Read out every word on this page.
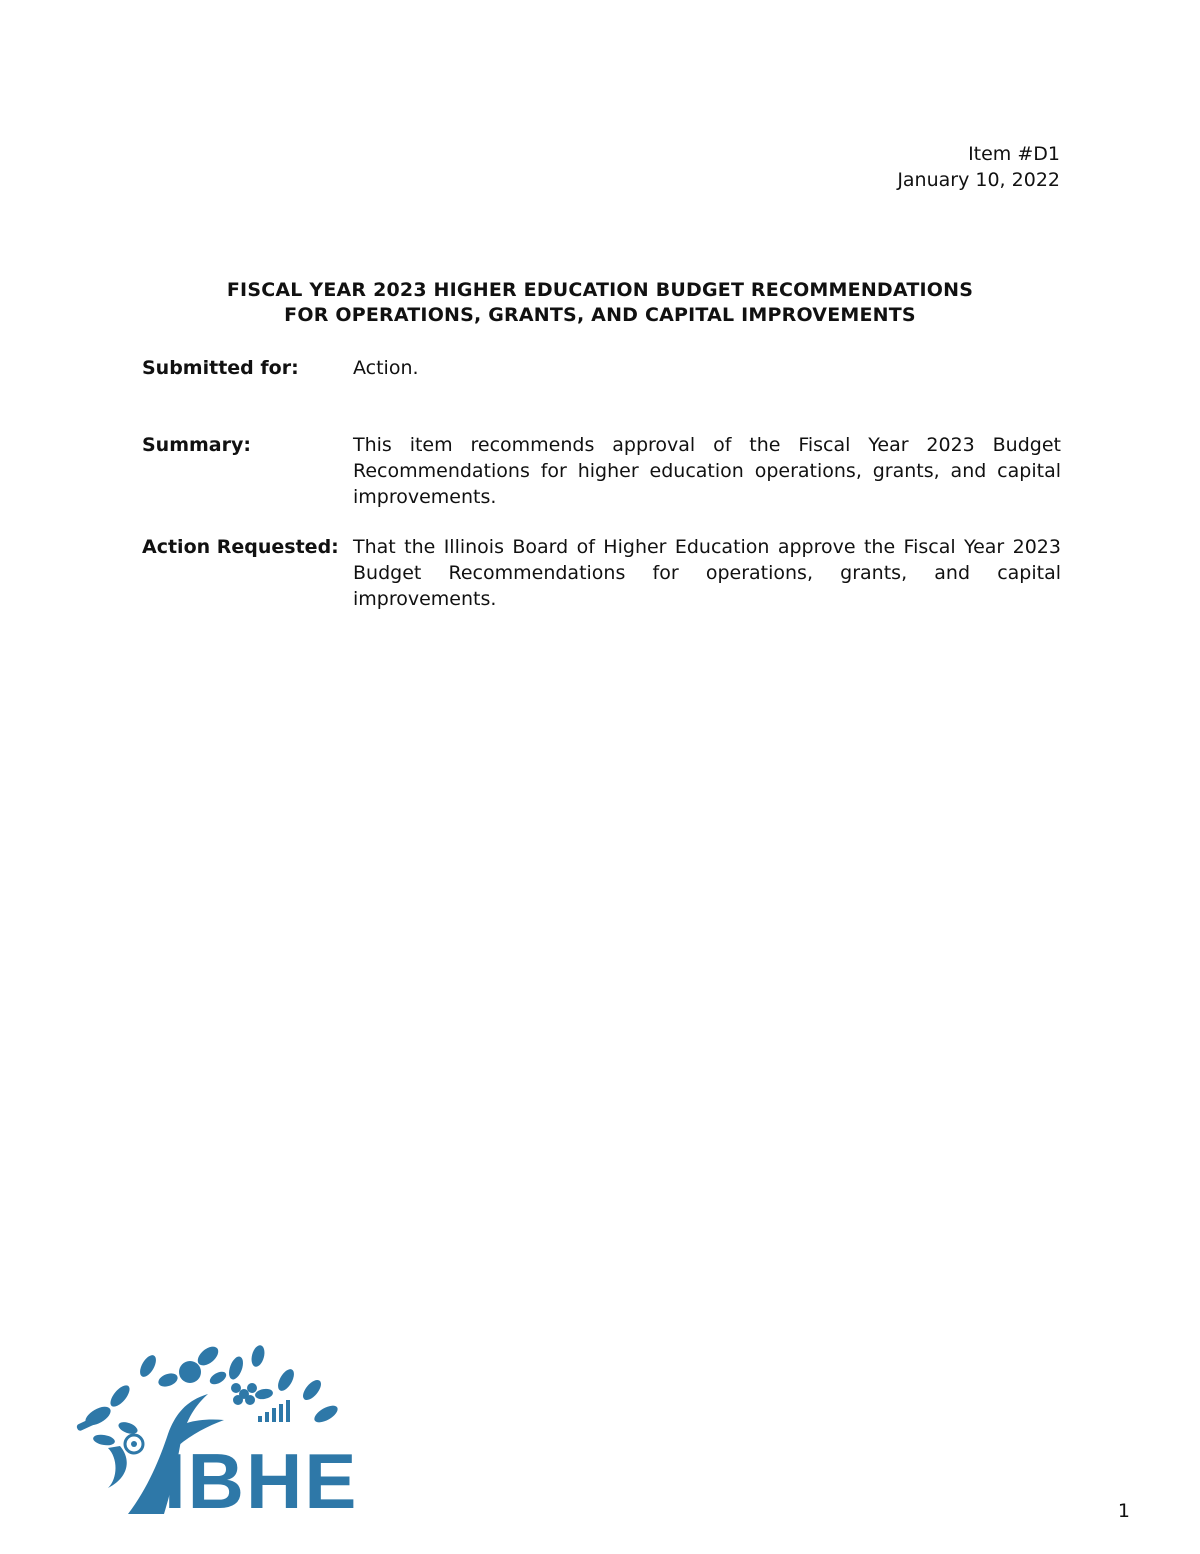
Item #D1
January 10, 2022
FISCAL YEAR 2023 HIGHER EDUCATION BUDGET RECOMMENDATIONS
FOR OPERATIONS, GRANTS, AND CAPITAL IMPROVEMENTS
Submitted for:	Action.
Summary:	This item recommends approval of the Fiscal Year 2023 Budget Recommendations for higher education operations, grants, and capital improvements.
Action Requested: That the Illinois Board of Higher Education approve the Fiscal Year 2023 Budget Recommendations for operations, grants, and capital improvements.
IBHE	1
